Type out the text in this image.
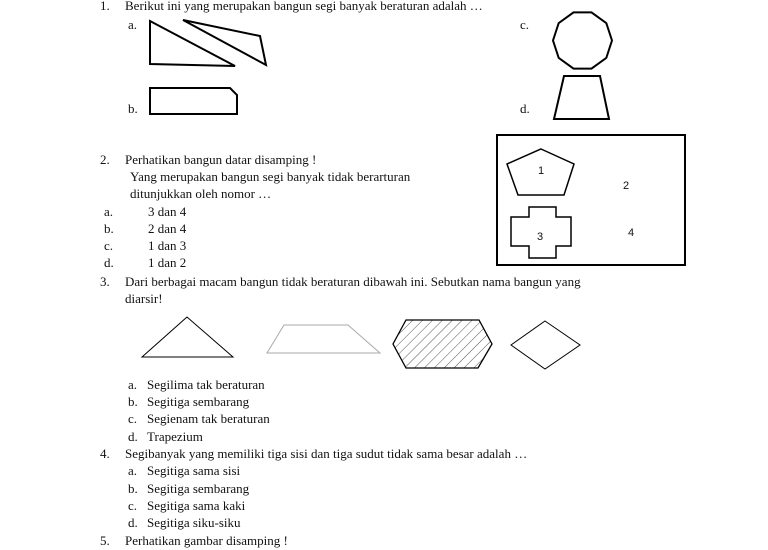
1. Berikut ini yang merupakan bangun segi banyak beraturan adalah …
a.
b.
c.
d.
2. Perhatikan bangun datar disamping !
Yang merupakan bangun segi banyak tidak berarturan
ditunjukkan oleh nomor …
a.	3 dan 4
b.	2 dan 4
c.	1 dan 3
d.	1 dan 2
1
2
3	4
3. Dari berbagai macam bangun tidak beraturan dibawah ini. Sebutkan nama bangun yang
diarsir!
a. Segilima tak beraturan
b. Segitiga sembarang
c. Segienam tak beraturan
d. Trapezium
4. Segibanyak yang memiliki tiga sisi dan tiga sudut tidak sama besar adalah …
a. Segitiga sama sisi
b. Segitiga sembarang
c. Segitiga sama kaki
d. Segitiga siku-siku
5. Perhatikan gambar disamping !
